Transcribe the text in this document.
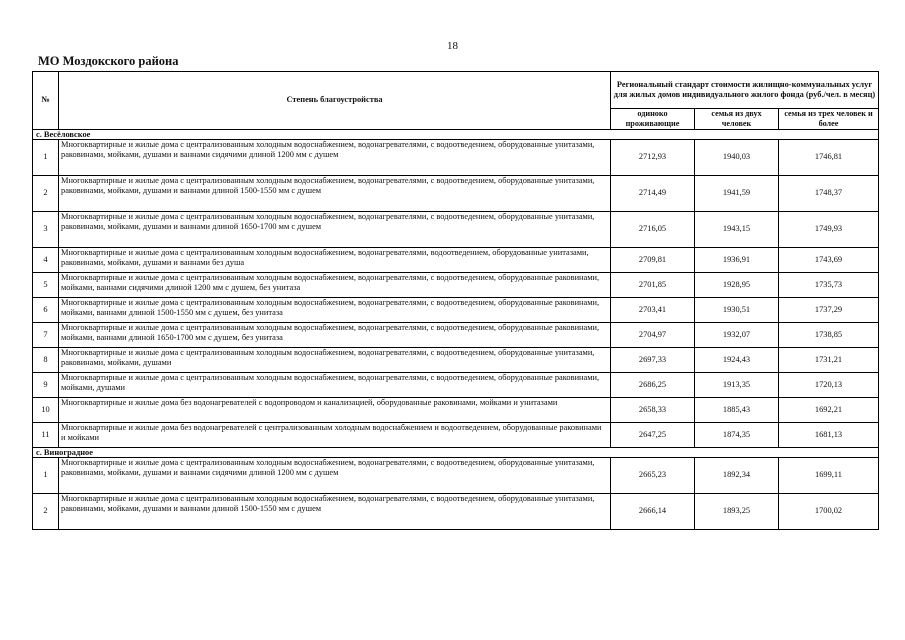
18
МО Моздокского района
№	Степень благоустройства	Региональный стандарт стоимости жилищно-коммунальных услуг для жилых домов индивидуального жилого фонда (руб./чел. в месяц)		
		одиноко проживающие	семья из двух человек	семья из трех человек и более
с. Весёловское				
1	Многоквартирные и жилые дома с централизованным холодным водоснабжением, водонагревателями, с водоотведением, оборудованные унитазами, раковинами, мойками, душами и ваннами сидячими длиной 1200 мм с душем	2712,93	1940,03	1746,81
2	Многоквартирные и жилые дома с централизованным холодным водоснабжением, водонагревателями, с водоотведением, оборудованные унитазами, раковинами, мойками, душами и ваннами длиной 1500-1550 мм с душем	2714,49	1941,59	1748,37
3	Многоквартирные и жилые дома с централизованным холодным водоснабжением, водонагревателями, с водоотведением, оборудованные унитазами, раковинами, мойками, душами и ваннами длиной 1650-1700 мм с душем	2716,05	1943,15	1749,93
4	Многоквартирные и жилые дома с централизованным холодным водоснабжением, водонагревателями, водоотведением, оборудованные унитазами, раковинами, мойками, душами и ваннами без душа	2709,81	1936,91	1743,69
5	Многоквартирные и жилые дома с централизованным холодным водоснабжением, водонагревателями, с водоотведением, оборудованные раковинами, мойками, ваннами сидячими длиной 1200 мм с душем, без унитаза	2701,85	1928,95	1735,73
6	Многоквартирные и жилые дома с централизованным холодным водоснабжением, водонагревателями, с водоотведением, оборудованные раковинами, мойками, ваннами длиной 1500-1550 мм с душем, без унитаза	2703,41	1930,51	1737,29
7	Многоквартирные и жилые дома с централизованным холодным водоснабжением, водонагревателями, с водоотведением, оборудованные раковинами, мойками, ваннами длиной 1650-1700 мм с душем, без унитаза	2704,97	1932,07	1738,85
8	Многоквартирные и жилые дома с централизованным холодным водоснабжением, водонагревателями, с водоотведением, оборудованные унитазами, раковинами, мойками, душами	2697,33	1924,43	1731,21
9	Многоквартирные и жилые дома с централизованным холодным водоснабжением, водонагревателями, с водоотведением, оборудованные раковинами, мойками, душами	2686,25	1913,35	1720,13
10	Многоквартирные и жилые дома без водонагревателей с водопроводом и канализацией, оборудованные раковинами, мойками и унитазами	2658,33	1885,43	1692,21
11	Многоквартирные и жилые дома без водонагревателей с централизованным холодным водоснабжением и водоотведением, оборудованные раковинами и мойками	2647,25	1874,35	1681,13
с. Виноградное				
1	Многоквартирные и жилые дома с централизованным холодным водоснабжением, водонагревателями, с водоотведением, оборудованные унитазами, раковинами, мойками, душами и ваннами сидячими длиной 1200 мм с душем	2665,23	1892,34	1699,11
2	Многоквартирные и жилые дома с централизованным холодным водоснабжением, водонагревателями, с водоотведением, оборудованные унитазами, раковинами, мойками, душами и ваннами длиной 1500-1550 мм с душем	2666,14	1893,25	1700,02
